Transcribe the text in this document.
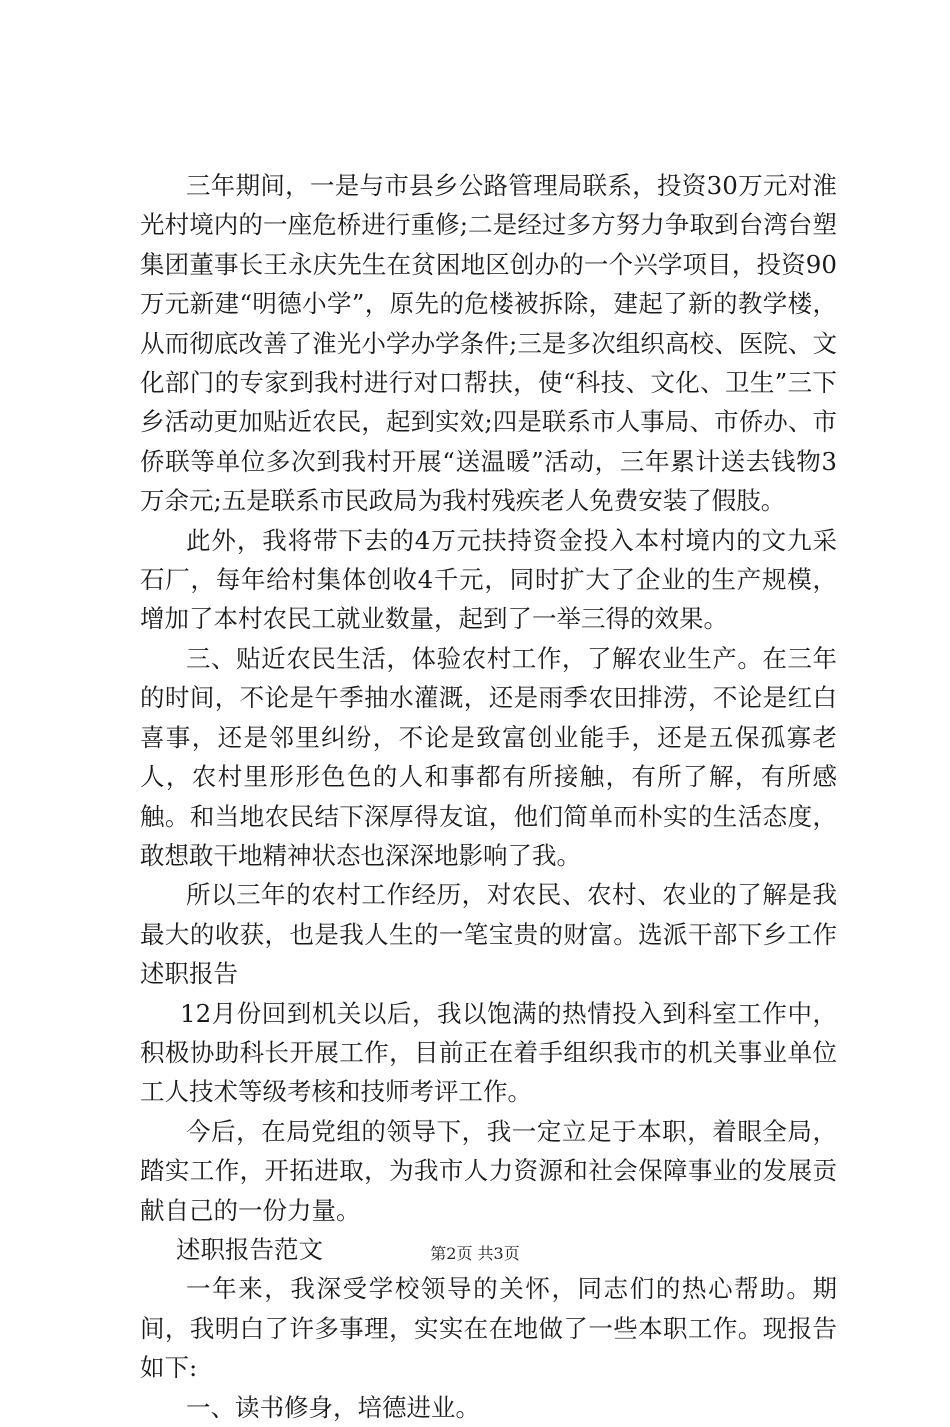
三年期间，一是与市县乡公路管理局联系，投资30万元对淮光村境内的一座危桥进行重修;二是经过多方努力争取到台湾台塑集团董事长王永庆先生在贫困地区创办的一个兴学项目，投资90万元新建“明德小学”，原先的危楼被拆除，建起了新的教学楼，从而彻底改善了淮光小学办学条件;三是多次组织高校、医院、文化部门的专家到我村进行对口帮扶，使“科技、文化、卫生”三下乡活动更加贴近农民，起到实效;四是联系市人事局、市侨办、市侨联等单位多次到我村开展“送温暖”活动，三年累计送去钱物3万余元;五是联系市民政局为我村残疾老人免费安装了假肢。

此外，我将带下去的4万元扶持资金投入本村境内的文九采石厂，每年给村集体创收4千元，同时扩大了企业的生产规模，增加了本村农民工就业数量，起到了一举三得的效果。

三、贴近农民生活，体验农村工作，了解农业生产。在三年的时间，不论是午季抽水灌溉，还是雨季农田排涝，不论是红白喜事，还是邻里纠纷，不论是致富创业能手，还是五保孤寡老人，农村里形形色色的人和事都有所接触，有所了解，有所感触。和当地农民结下深厚得友谊，他们简单而朴实的生活态度，敢想敢干地精神状态也深深地影响了我。

所以三年的农村工作经历，对农民、农村、农业的了解是我最大的收获，也是我人生的一笔宝贵的财富。选派干部下乡工作述职报告

12月份回到机关以后，我以饱满的热情投入到科室工作中，积极协助科长开展工作，目前正在着手组织我市的机关事业单位工人技术等级考核和技师考评工作。

今后，在局党组的领导下，我一定立足于本职，着眼全局，踏实工作，开拓进取，为我市人力资源和社会保障事业的发展贡献自己的一份力量。

述职报告范文

一年来，我深受学校领导的关怀，同志们的热心帮助。期间，我明白了许多事理，实实在在地做了一些本职工作。现报告如下:

一、读书修身，培德进业。

第2页 共3页
